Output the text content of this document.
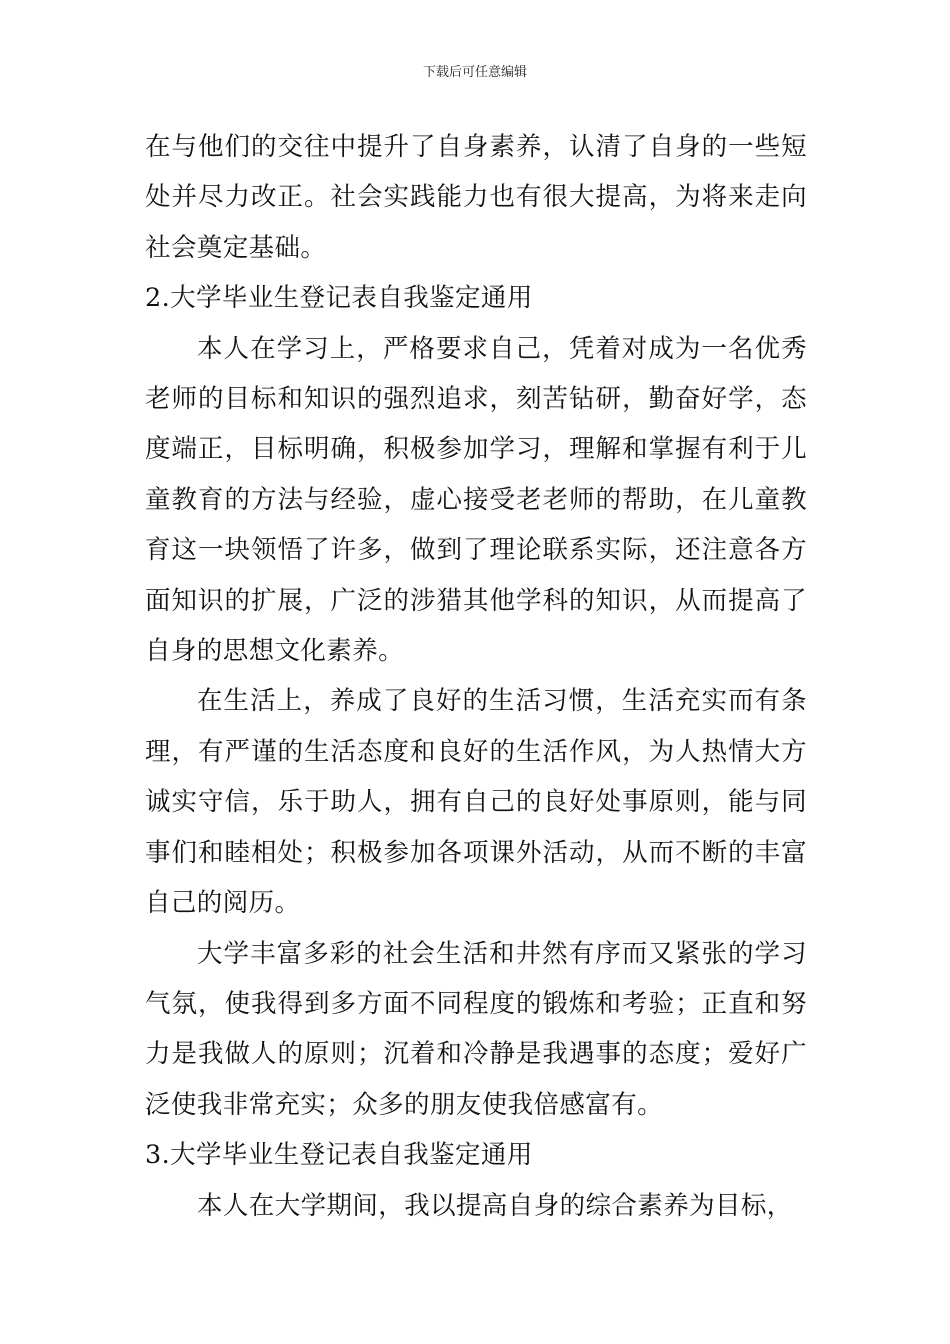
下载后可任意编辑

在与他们的交往中提升了自身素养，认清了自身的一些短处并尽力改正。社会实践能力也有很大提高，为将来走向社会奠定基础。

2.大学毕业生登记表自我鉴定通用

本人在学习上，严格要求自己，凭着对成为一名优秀老师的目标和知识的强烈追求，刻苦钻研，勤奋好学，态度端正，目标明确，积极参加学习，理解和掌握有利于儿童教育的方法与经验，虚心接受老老师的帮助，在儿童教育这一块领悟了许多，做到了理论联系实际，还注意各方面知识的扩展，广泛的涉猎其他学科的知识，从而提高了自身的思想文化素养。

在生活上，养成了良好的生活习惯，生活充实而有条理，有严谨的生活态度和良好的生活作风，为人热情大方诚实守信，乐于助人，拥有自己的良好处事原则，能与同事们和睦相处；积极参加各项课外活动，从而不断的丰富自己的阅历。

大学丰富多彩的社会生活和井然有序而又紧张的学习气氛，使我得到多方面不同程度的锻炼和考验；正直和努力是我做人的原则；沉着和冷静是我遇事的态度；爱好广泛使我非常充实；众多的朋友使我倍感富有。

3.大学毕业生登记表自我鉴定通用

本人在大学期间，我以提高自身的综合素养为目标，
